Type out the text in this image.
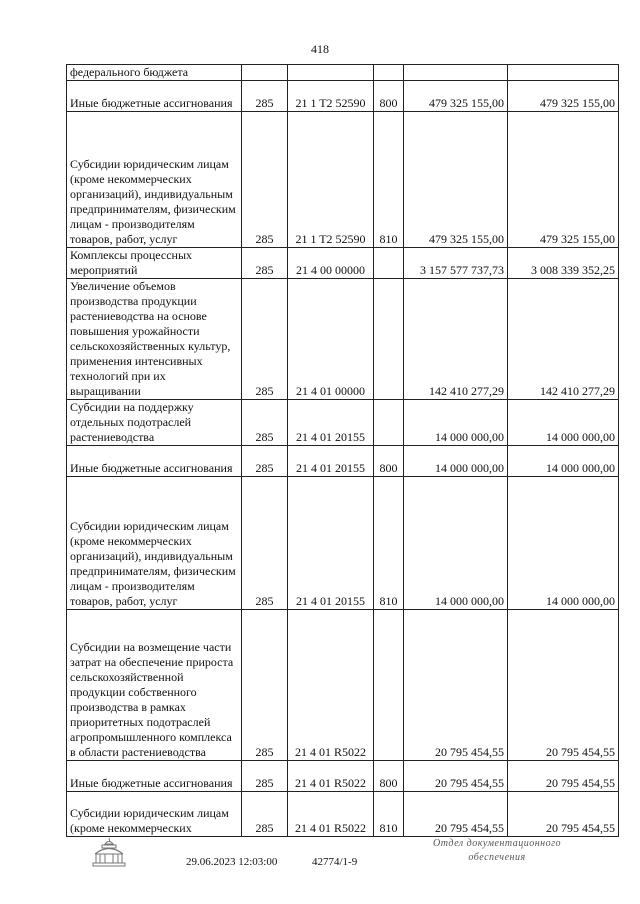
418
федерального бюджета					
Иные бюджетные ассигнования	285	21 1 T2 52590	800	479 325 155,00	479 325 155,00
Субсидии юридическим лицам (кроме некоммерческих организаций), индивидуальным предпринимателям, физическим лицам - производителям товаров, работ, услуг	285	21 1 T2 52590	810	479 325 155,00	479 325 155,00
Комплексы процессных мероприятий	285	21 4 00 00000		3 157 577 737,73	3 008 339 352,25
Увеличение объемов производства продукции растениеводства на основе повышения урожайности сельскохозяйственных культур, применения интенсивных технологий при их выращивании	285	21 4 01 00000		142 410 277,29	142 410 277,29
Субсидии на поддержку отдельных подотраслей растениеводства	285	21 4 01 20155		14 000 000,00	14 000 000,00
Иные бюджетные ассигнования	285	21 4 01 20155	800	14 000 000,00	14 000 000,00
Субсидии юридическим лицам (кроме некоммерческих организаций), индивидуальным предпринимателям, физическим лицам - производителям товаров, работ, услуг	285	21 4 01 20155	810	14 000 000,00	14 000 000,00
Субсидии на возмещение части затрат на обеспечение прироста сельскохозяйственной продукции собственного производства в рамках приоритетных подотраслей агропромышленного комплекса в области растениеводства	285	21 4 01 R5022		20 795 454,55	20 795 454,55
Иные бюджетные ассигнования	285	21 4 01 R5022	800	20 795 454,55	20 795 454,55
Субсидии юридическим лицам (кроме некоммерческих	285	21 4 01 R5022	810	20 795 454,55	20 795 454,55
29.06.2023 12:03:00	42774/1-9
Отдел документационного
обеспечения
